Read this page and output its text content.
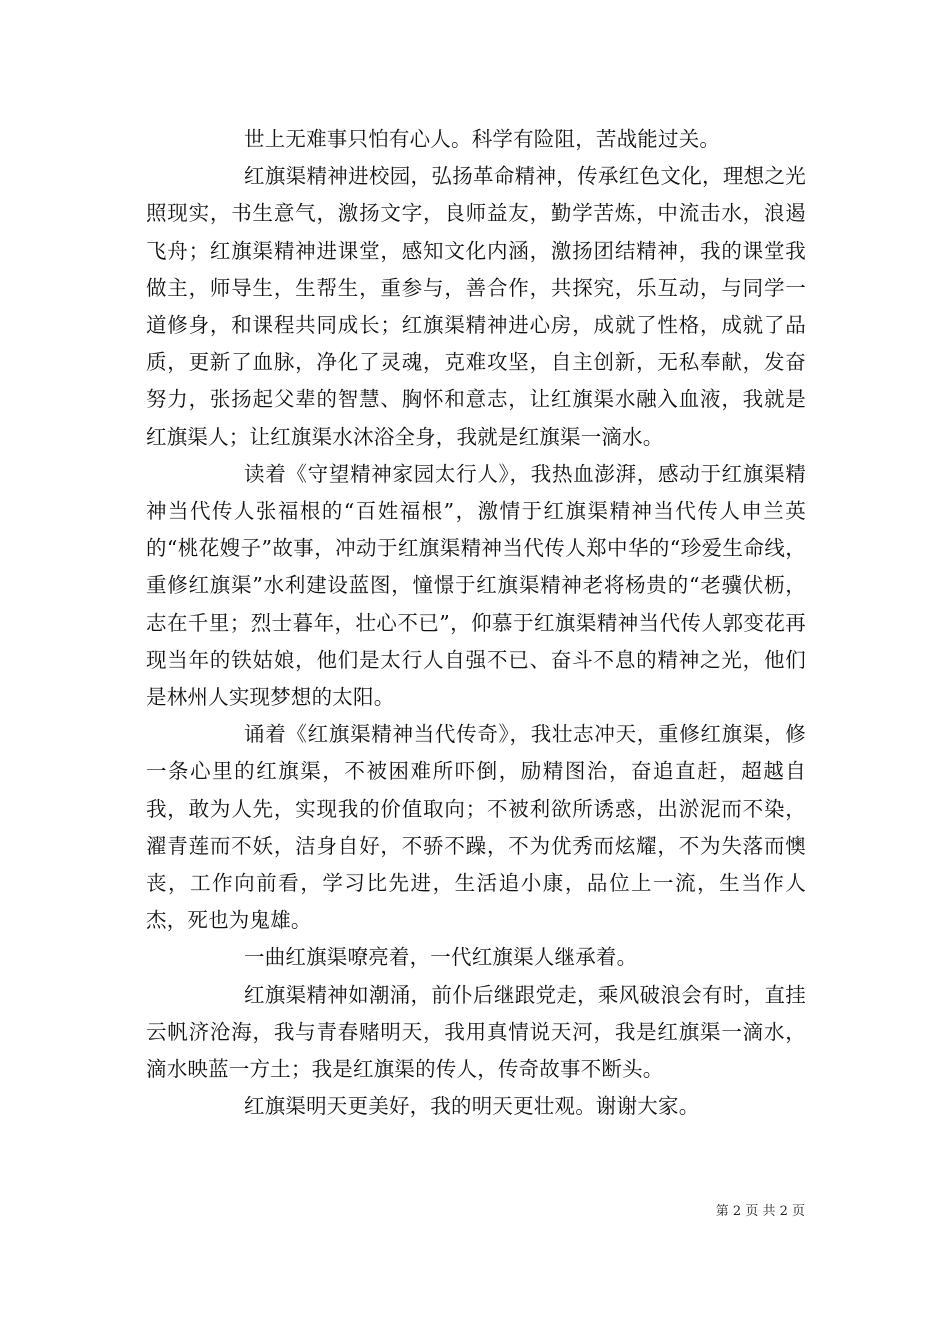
世上无难事只怕有心人。科学有险阻，苦战能过关。

红旗渠精神进校园，弘扬革命精神，传承红色文化，理想之光照现实，书生意气，激扬文字，良师益友，勤学苦炼，中流击水，浪遏飞舟；红旗渠精神进课堂，感知文化内涵，激扬团结精神，我的课堂我做主，师导生，生帮生，重参与，善合作，共探究，乐互动，与同学一道修身，和课程共同成长；红旗渠精神进心房，成就了性格，成就了品质，更新了血脉，净化了灵魂，克难攻坚，自主创新，无私奉献，发奋努力，张扬起父辈的智慧、胸怀和意志，让红旗渠水融入血液，我就是红旗渠人；让红旗渠水沐浴全身，我就是红旗渠一滴水。

读着《守望精神家园太行人》，我热血澎湃，感动于红旗渠精神当代传人张福根的“百姓福根”，激情于红旗渠精神当代传人申兰英的“桃花嫂子”故事，冲动于红旗渠精神当代传人郑中华的“珍爱生命线，重修红旗渠”水利建设蓝图，憧憬于红旗渠精神老将杨贵的“老骥伏枥，志在千里；烈士暮年，壮心不已”，仰慕于红旗渠精神当代传人郭变花再现当年的铁姑娘，他们是太行人自强不已、奋斗不息的精神之光，他们是林州人实现梦想的太阳。

诵着《红旗渠精神当代传奇》，我壮志冲天，重修红旗渠，修一条心里的红旗渠，不被困难所吓倒，励精图治，奋追直赶，超越自我，敢为人先，实现我的价值取向；不被利欲所诱惑，出淤泥而不染，濯青莲而不妖，洁身自好，不骄不躁，不为优秀而炫耀，不为失落而懊丧，工作向前看，学习比先进，生活追小康，品位上一流，生当作人杰，死也为鬼雄。

一曲红旗渠嘹亮着，一代红旗渠人继承着。

红旗渠精神如潮涌，前仆后继跟党走，乘风破浪会有时，直挂云帆济沧海，我与青春赌明天，我用真情说天河，我是红旗渠一滴水，滴水映蓝一方土；我是红旗渠的传人，传奇故事不断头。

红旗渠明天更美好，我的明天更壮观。谢谢大家。

第 2 页 共 2 页
